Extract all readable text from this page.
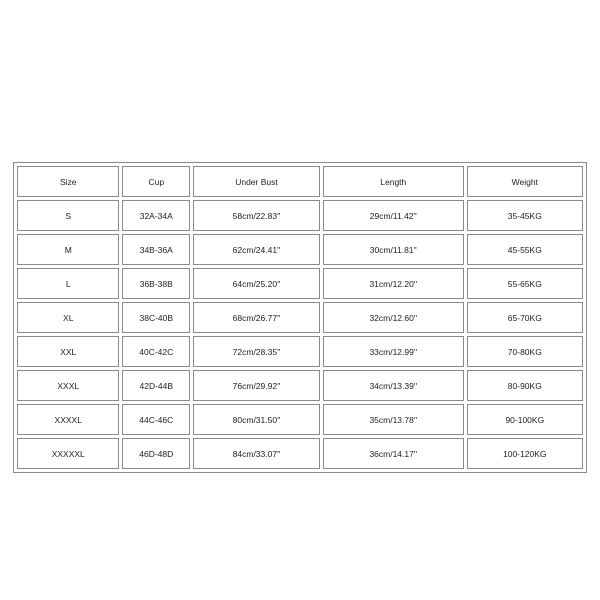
Size	Cup	Under Bust	Length	Weight
S	32A-34A	58cm/22.83''	29cm/11.42''	35-45KG
M	34B-36A	62cm/24.41''	30cm/11.81''	45-55KG
L	36B-38B	64cm/25.20''	31cm/12.20''	55-65KG
XL	38C-40B	68cm/26.77''	32cm/12.60''	65-70KG
XXL	40C-42C	72cm/28.35''	33cm/12.99''	70-80KG
XXXL	42D-44B	76cm/29.92''	34cm/13.39''	80-90KG
XXXXL	44C-46C	80cm/31.50''	35cm/13.78''	90-100KG
XXXXXL	46D-48D	84cm/33.07''	36cm/14.17''	100-120KG
